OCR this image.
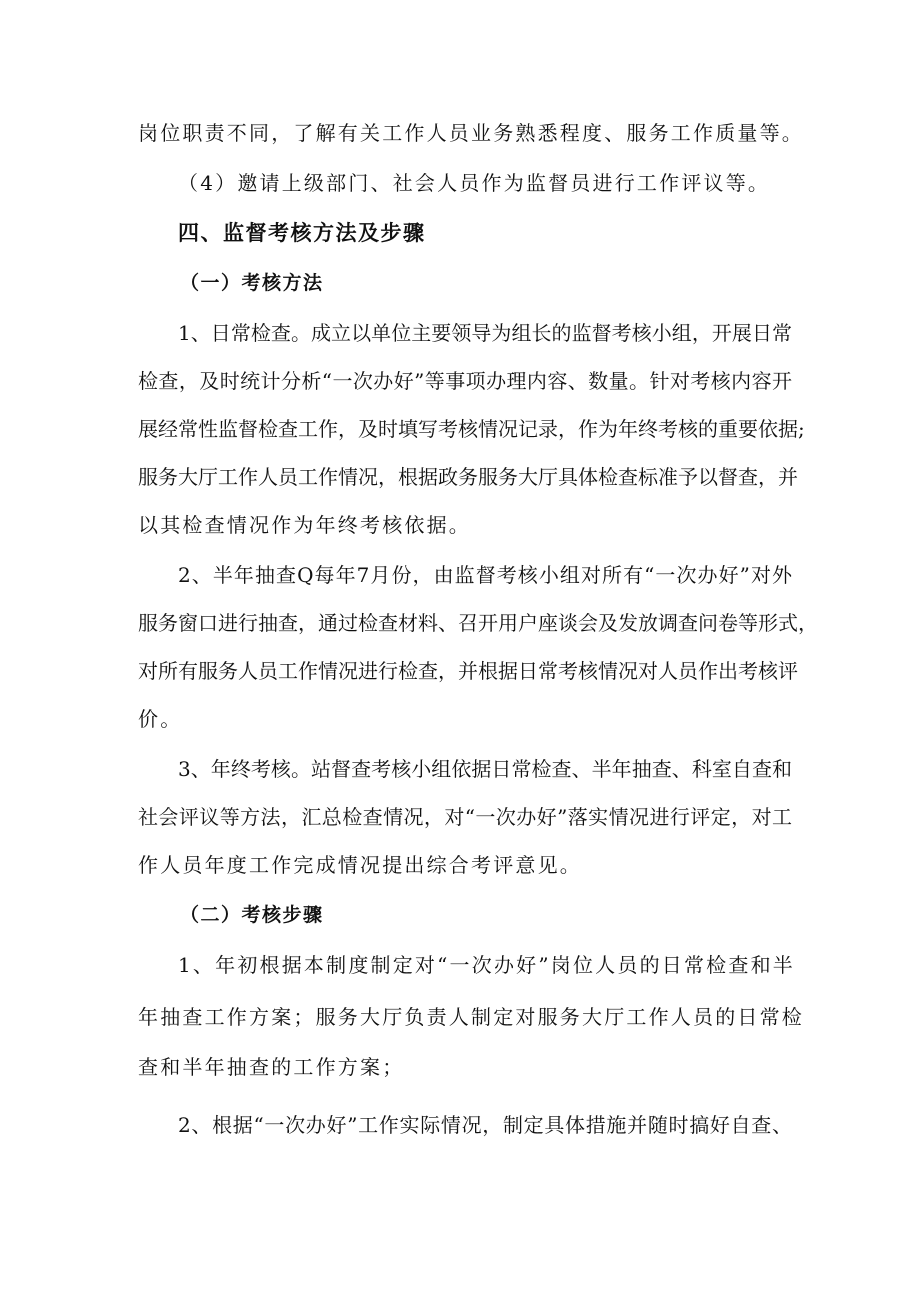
岗位职责不同，了解有关工作人员业务熟悉程度、服务工作质量等。
（4）邀请上级部门、社会人员作为监督员进行工作评议等。
四、监督考核方法及步骤
（一）考核方法
1、日常检查。成立以单位主要领导为组长的监督考核小组，开展日常
检查，及时统计分析“一次办好”等事项办理内容、数量。针对考核内容开
展经常性监督检查工作，及时填写考核情况记录，作为年终考核的重要依据;
服务大厅工作人员工作情况，根据政务服务大厅具体检查标准予以督查，并
以其检查情况作为年终考核依据。
2、半年抽查Q每年7月份，由监督考核小组对所有“一次办好”对外
服务窗口进行抽查，通过检查材料、召开用户座谈会及发放调查问卷等形式，
对所有服务人员工作情况进行检查，并根据日常考核情况对人员作出考核评
价。
3、年终考核。站督查考核小组依据日常检查、半年抽查、科室自查和
社会评议等方法，汇总检查情况，对“一次办好”落实情况进行评定，对工
作人员年度工作完成情况提出综合考评意见。
（二）考核步骤
1、年初根据本制度制定对“一次办好”岗位人员的日常检查和半
年抽查工作方案；服务大厅负责人制定对服务大厅工作人员的日常检
查和半年抽查的工作方案；
2、根据“一次办好”工作实际情况，制定具体措施并随时搞好自查、
